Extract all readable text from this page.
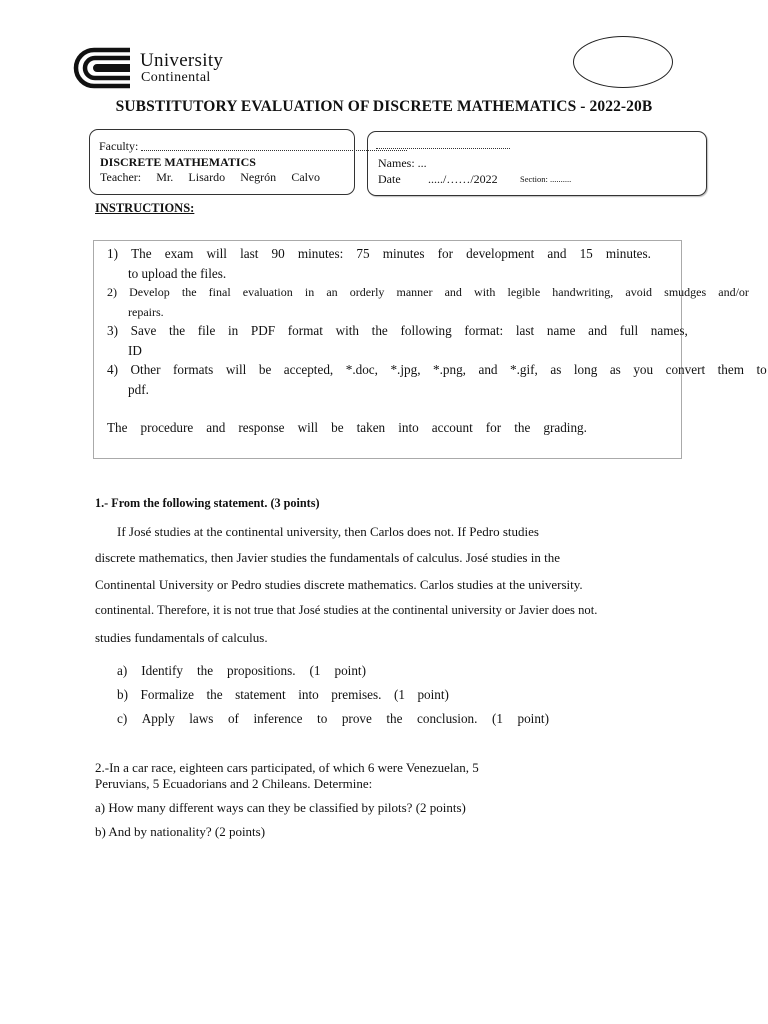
University
Continental
SUBSTITUTORY EVALUATION OF DISCRETE MATHEMATICS - 2022-20B
Faculty:
DISCRETE MATHEMATICS
Teacher: Mr. Lisardo Negrón Calvo
Names: ...
Date ...../……/2022	Section: ..........
INSTRUCTIONS:
1) The exam will last 90 minutes: 75 minutes for development and 15 minutes.
to upload the files.
2) Develop the final evaluation in an orderly manner and with legible handwriting, avoid smudges and/or
repairs.
3) Save the file in PDF format with the following format: last name and full names,
ID
4) Other formats will be accepted, *.doc, *.jpg, *.png, and *.gif, as long as you convert them to
pdf.
The procedure and response will be taken into account for the grading.
1.- From the following statement. (3 points)
If José studies at the continental university, then Carlos does not. If Pedro studies
discrete mathematics, then Javier studies the fundamentals of calculus. José studies in the
Continental University or Pedro studies discrete mathematics. Carlos studies at the university.
continental. Therefore, it is not true that José studies at the continental university or Javier does not.
studies fundamentals of calculus.
a) Identify the propositions. (1 point)
b) Formalize the statement into premises. (1 point)
c) Apply laws of inference to prove the conclusion. (1 point)
2.-In a car race, eighteen cars participated, of which 6 were Venezuelan, 5
Peruvians, 5 Ecuadorians and 2 Chileans. Determine:
a) How many different ways can they be classified by pilots? (2 points)
b) And by nationality? (2 points)
